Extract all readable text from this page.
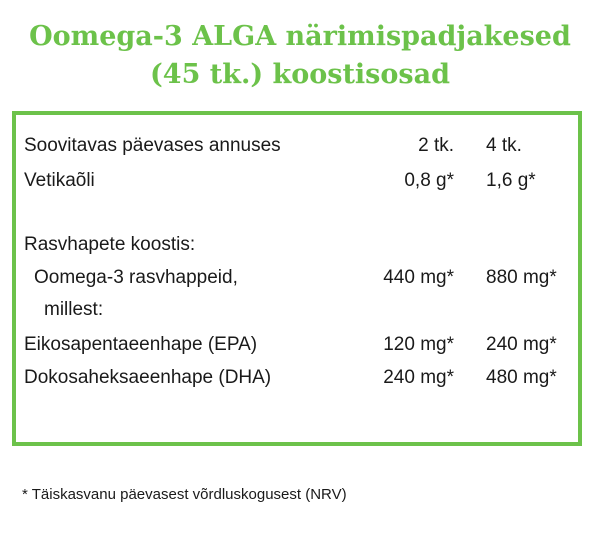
Oomega-3 ALGA närimispadjakesed
(45 tk.) koostisosad
Soovitavas päevases annuses	2 tk. 4 tk.
Vetikaõli	0,8 g* 1,6 g*
Rasvhapete koostis:
Oomega-3 rasvhappeid,	440 mg* 880 mg*
millest:
Eikosapentaeenhape (EPA)	120 mg* 240 mg*
Dokosaheksaeenhape (DHA)	240 mg* 480 mg*
* Täiskasvanu päevasest võrdluskogusest (NRV)
